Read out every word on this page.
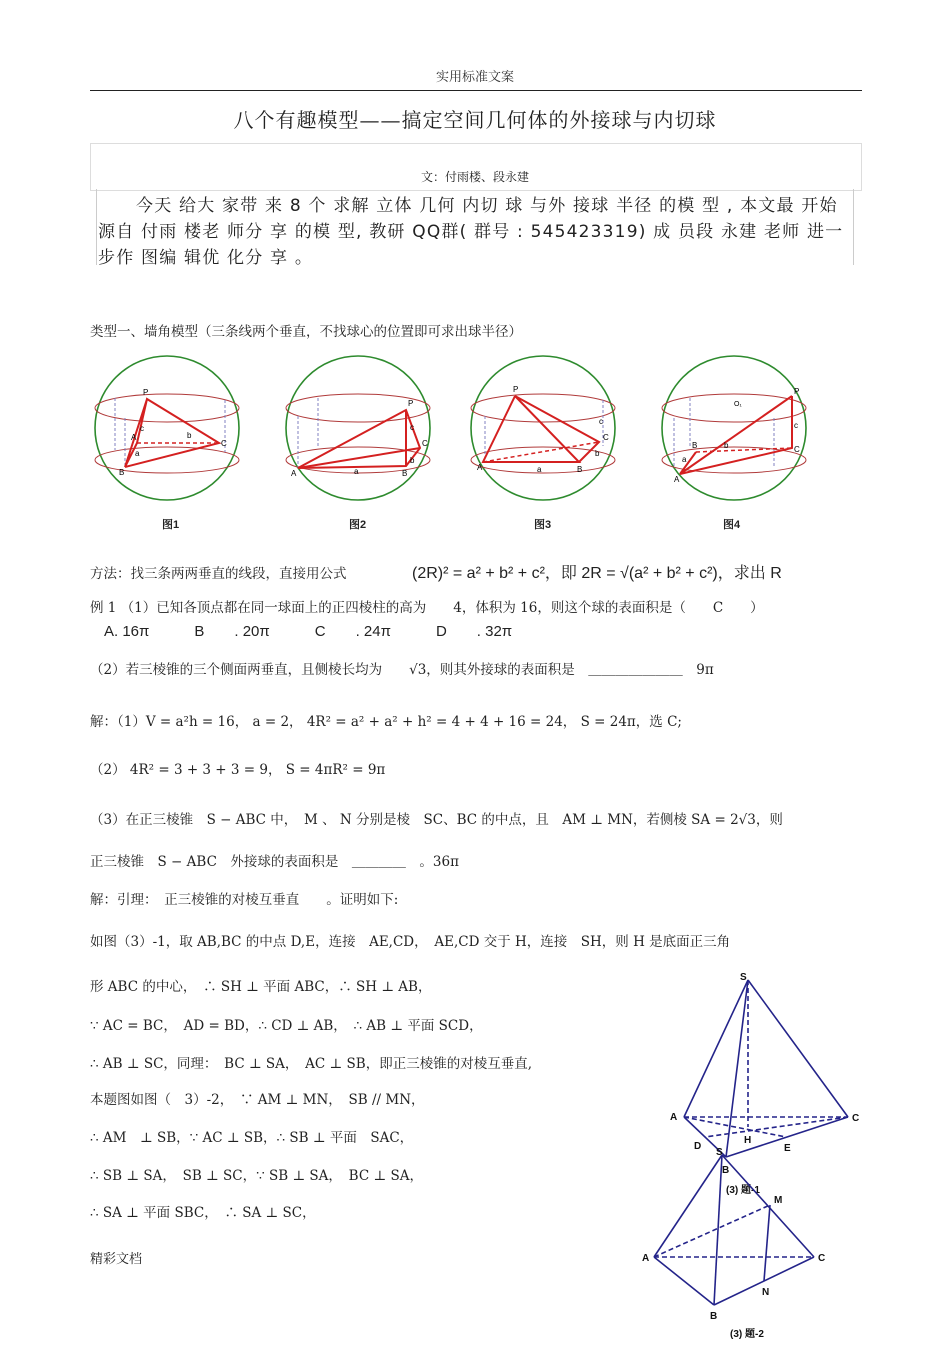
实用标准文案
八个有趣模型——搞定空间几何体的外接球与内切球
文：付雨楼、段永建
今天 给大 家带 来 8 个 求解 立体 几何 内切 球 与外 接球 半径 的模 型 , 本文最 开始 源自 付雨 楼老 师分 享 的模 型, 教研 QQ群( 群号 : 545423319) 成 员段 永建 老师 进一 步作 图编 辑优 化分 享 。
类型一、墙角模型（三条线两个垂直，不找球心的位置即可求出球半径）
P
A
B
C
b
c
a
P
A	B
C
a
c
b
P
A	B
C
a
c
b
O₁
P
A
B	C
c
a
b
图1	图2	图3	图4
方法：找三条两两垂直的线段，直接用公式	(2R)² = a² + b² + c²，即 2R = √(a² + b² + c²)，求出 R
例 1 （1）已知各顶点都在同一球面上的正四棱柱的高为　　4，体积为 16，则这个球的表面积是（　　C　　）
A. 16π　　　B　　. 20π　　　C　　. 24π　　　D　　. 32π
（2）若三棱锥的三个侧面两垂直，且侧棱长均为　　√3，则其外接球的表面积是　＿＿＿＿＿＿＿　9π
解：（1）V = a²h = 16， a = 2， 4R² = a² + a² + h² = 4 + 4 + 16 = 24， S = 24π，选 C;
（2） 4R² = 3 + 3 + 3 = 9， S = 4πR² = 9π
（3）在正三棱锥　S − ABC 中，　M 、 N 分别是棱　SC、BC 的中点，且　AM ⊥ MN，若侧棱 SA = 2√3，则
正三棱锥　S − ABC　外接球的表面积是　＿＿＿＿　。36π
解：引理：　正三棱锥的对棱互垂直　　。证明如下:
如图（3）-1，取 AB,BC 的中点 D,E，连接　AE,CD，　AE,CD 交于 H，连接　SH，则 H 是底面正三角
形 ABC 的中心，　∴ SH ⊥ 平面 ABC，∴ SH ⊥ AB，
∵ AC = BC，　AD = BD，∴ CD ⊥ AB，　∴ AB ⊥ 平面 SCD，
∴ AB ⊥ SC，同理：　BC ⊥ SA，　AC ⊥ SB，即正三棱锥的对棱互垂直,
本题图如图（　3）-2，　∵ AM ⊥ MN，　SB // MN，
∴ AM　⊥ SB，∵ AC ⊥ SB，∴ SB ⊥ 平面　SAC，
∴ SB ⊥ SA，　SB ⊥ SC，∵ SB ⊥ SA，　BC ⊥ SA，
∴ SA ⊥ 平面 SBC，　∴ SA ⊥ SC，
S
A	C
D
H
E
S
B
(3) 题-1
M
A	C
N
B
(3) 题-2
精彩文档
